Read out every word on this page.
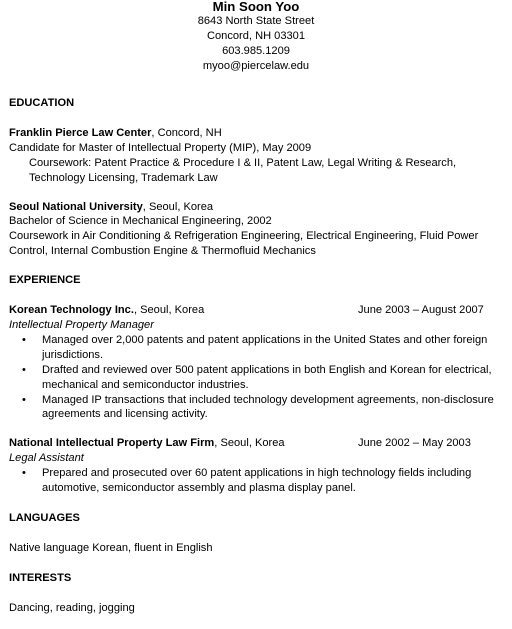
Min Soon Yoo
8643 North State Street
Concord, NH 03301
603.985.1209
myoo@piercelaw.edu
EDUCATION
Franklin Pierce Law Center, Concord, NH
Candidate for Master of Intellectual Property (MIP), May 2009
Coursework: Patent Practice & Procedure I & II, Patent Law, Legal Writing & Research,
Technology Licensing, Trademark Law
Seoul National University, Seoul, Korea
Bachelor of Science in Mechanical Engineering, 2002
Coursework in Air Conditioning & Refrigeration Engineering, Electrical Engineering, Fluid Power
Control, Internal Combustion Engine & Thermofluid Mechanics
EXPERIENCE
Korean Technology Inc., Seoul, Korea	June 2003 – August 2007
Intellectual Property Manager
• Managed over 2,000 patents and patent applications in the United States and other foreign
jurisdictions.
• Drafted and reviewed over 500 patent applications in both English and Korean for electrical,
mechanical and semiconductor industries.
• Managed IP transactions that included technology development agreements, non-disclosure
agreements and licensing activity.
National Intellectual Property Law Firm, Seoul, Korea	June 2002 – May 2003
Legal Assistant
• Prepared and prosecuted over 60 patent applications in high technology fields including
automotive, semiconductor assembly and plasma display panel.
LANGUAGES
Native language Korean, fluent in English
INTERESTS
Dancing, reading, jogging
